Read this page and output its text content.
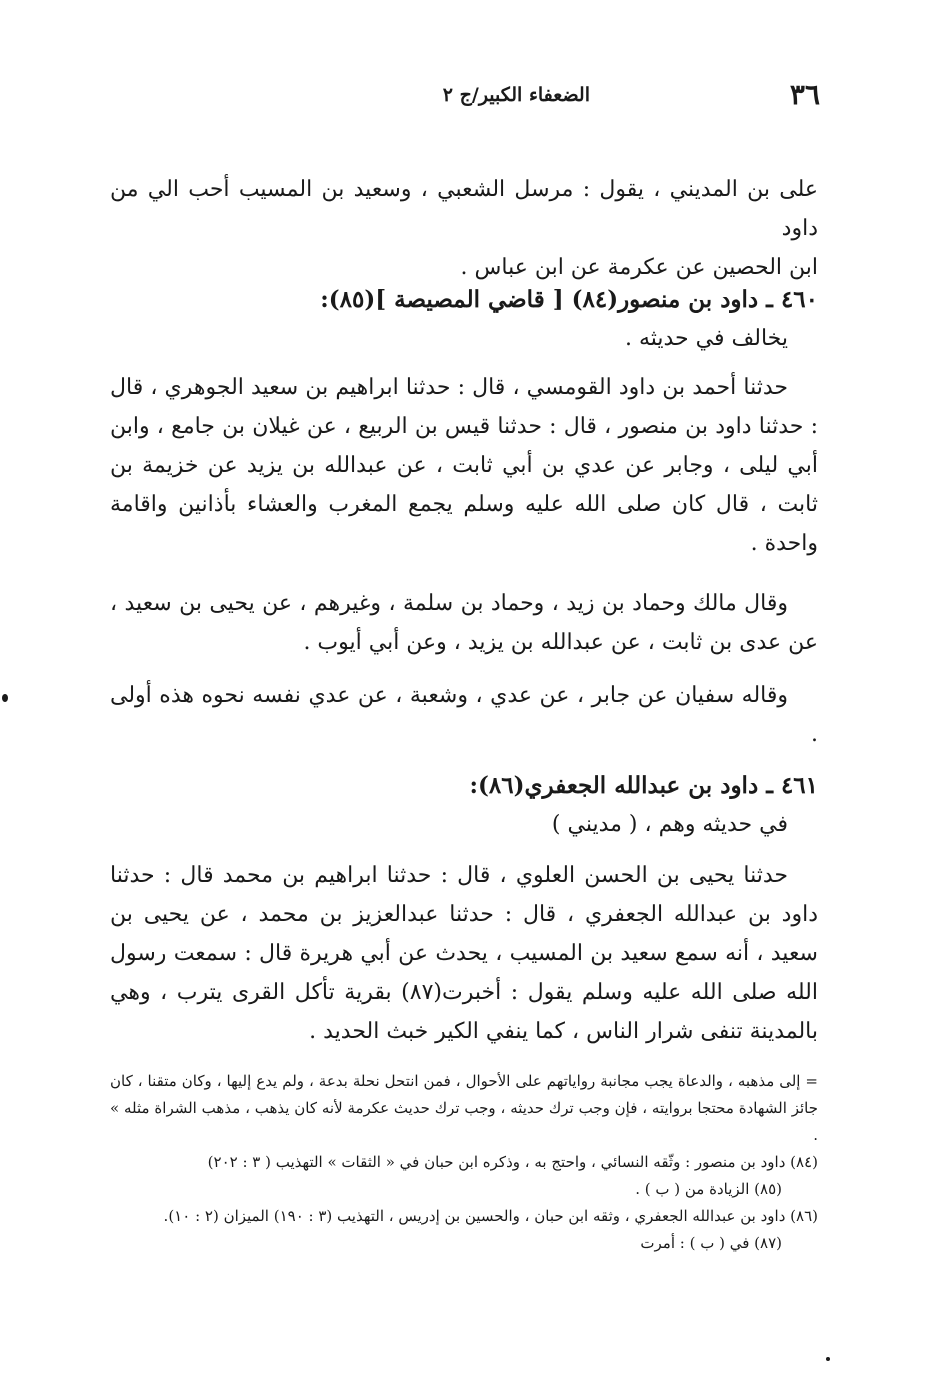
٣٦
الضعفاء الكبير/ج ٢

على بن المديني ، يقول : مرسل الشعبي ، وسعيد بن المسيب أحب الي من داود

ابن الحصين عن عكرمة عن ابن عباس .

٤٦٠ ـ داود بن منصور(٨٤) [ قاضي المصيصة ](٨٥):

يخالف في حديثه .

حدثنا أحمد بن داود القومسي ، قال : حدثنا ابراهيم بن سعيد الجوهري ، قال : حدثنا داود بن منصور ، قال : حدثنا قيس بن الربيع ، عن غيلان بن جامع ، وابن أبي ليلى ، وجابر عن عدي بن أبي ثابت ، عن عبدالله بن يزيد عن خزيمة بن ثابت ، قال كان صلى الله عليه وسلم يجمع المغرب والعشاء بأذانين واقامة واحدة .

وقال مالك وحماد بن زيد ، وحماد بن سلمة ، وغيرهم ، عن يحيى بن سعيد ، عن عدى بن ثابت ، عن عبدالله بن يزيد ، وعن أبي أيوب .

وقاله سفيان عن جابر ، عن عدي ، وشعبة ، عن عدي نفسه نحوه هذه أولى .

٤٦١ ـ داود بن عبدالله الجعفري(٨٦):

في حديثه وهم ، ( مديني )

حدثنا يحيى بن الحسن العلوي ، قال : حدثنا ابراهيم بن محمد قال : حدثنا داود بن عبدالله الجعفري ، قال : حدثنا عبدالعزيز بن محمد ، عن يحيى بن سعيد ، أنه سمع سعيد بن المسيب ، يحدث عن أبي هريرة قال : سمعت رسول الله صلى الله عليه وسلم يقول : أخبرت(٨٧) بقرية تأكل القرى يترب ، وهي بالمدينة تنفى شرار الناس ، كما ينفي الكير خبث الحديد .

= إلى مذهبه ، والدعاة يجب مجانبة رواياتهم على الأحوال ، فمن انتحل نحلة بدعة ، ولم يدع إليها ، وكان متقنا ، كان جائز الشهادة محتجا بروايته ، فإن وجب ترك حديثه ، وجب ترك حديث عكرمة لأنه كان يذهب ، مذهب الشراة مثله » .

(٨٤) داود بن منصور : وثّقه النسائي ، واحتج به ، وذكره ابن حبان في « الثقات » التهذيب ( ٣ : ٢٠٢)

(٨٥) الزيادة من ( ب ) .

(٨٦) داود بن عبدالله الجعفري ، وثقه ابن حبان ، والحسين بن إدريس ، التهذيب (٣ : ١٩٠) الميزان (٢ : ١٠).

(٨٧) في ( ب ) : أمرت
